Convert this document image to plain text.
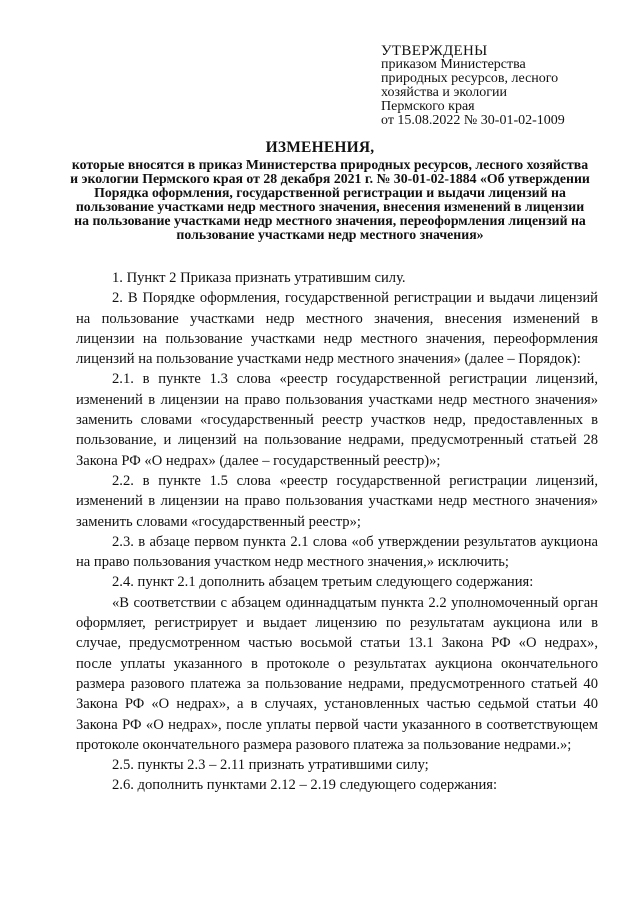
УТВЕРЖДЕНЫ
приказом Министерства
природных ресурсов, лесного
хозяйства и экологии
Пермского края
от 15.08.2022 № 30-01-02-1009
ИЗМЕНЕНИЯ,
которые вносятся в приказ Министерства природных ресурсов, лесного хозяйства и экологии Пермского края от 28 декабря 2021 г. № 30-01-02-1884 «Об утверждении Порядка оформления, государственной регистрации и выдачи лицензий на пользование участками недр местного значения, внесения изменений в лицензии на пользование участками недр местного значения, переоформления лицензий на пользование участками недр местного значения»

1. Пункт 2 Приказа признать утратившим силу.

2. В Порядке оформления, государственной регистрации и выдачи лицензий на пользование участками недр местного значения, внесения изменений в лицензии на пользование участками недр местного значения, переоформления лицензий на пользование участками недр местного значения» (далее – Порядок):

2.1. в пункте 1.3 слова «реестр государственной регистрации лицензий, изменений в лицензии на право пользования участками недр местного значения» заменить словами «государственный реестр участков недр, предоставленных в пользование, и лицензий на пользование недрами, предусмотренный статьей 28 Закона РФ «О недрах» (далее – государственный реестр)»;

2.2. в пункте 1.5 слова «реестр государственной регистрации лицензий, изменений в лицензии на право пользования участками недр местного значения» заменить словами «государственный реестр»;

2.3. в абзаце первом пункта 2.1 слова «об утверждении результатов аукциона на право пользования участком недр местного значения,» исключить;

2.4. пункт 2.1 дополнить абзацем третьим следующего содержания:

«В соответствии с абзацем одиннадцатым пункта 2.2 уполномоченный орган оформляет, регистрирует и выдает лицензию по результатам аукциона или в случае, предусмотренном частью восьмой статьи 13.1 Закона РФ «О недрах», после уплаты указанного в протоколе о результатах аукциона окончательного размера разового платежа за пользование недрами, предусмотренного статьей 40 Закона РФ «О недрах», а в случаях, установленных частью седьмой статьи 40 Закона РФ «О недрах», после уплаты первой части указанного в соответствующем протоколе окончательного размера разового платежа за пользование недрами.»;

2.5. пункты 2.3 – 2.11 признать утратившими силу;

2.6. дополнить пунктами 2.12 – 2.19 следующего содержания:
